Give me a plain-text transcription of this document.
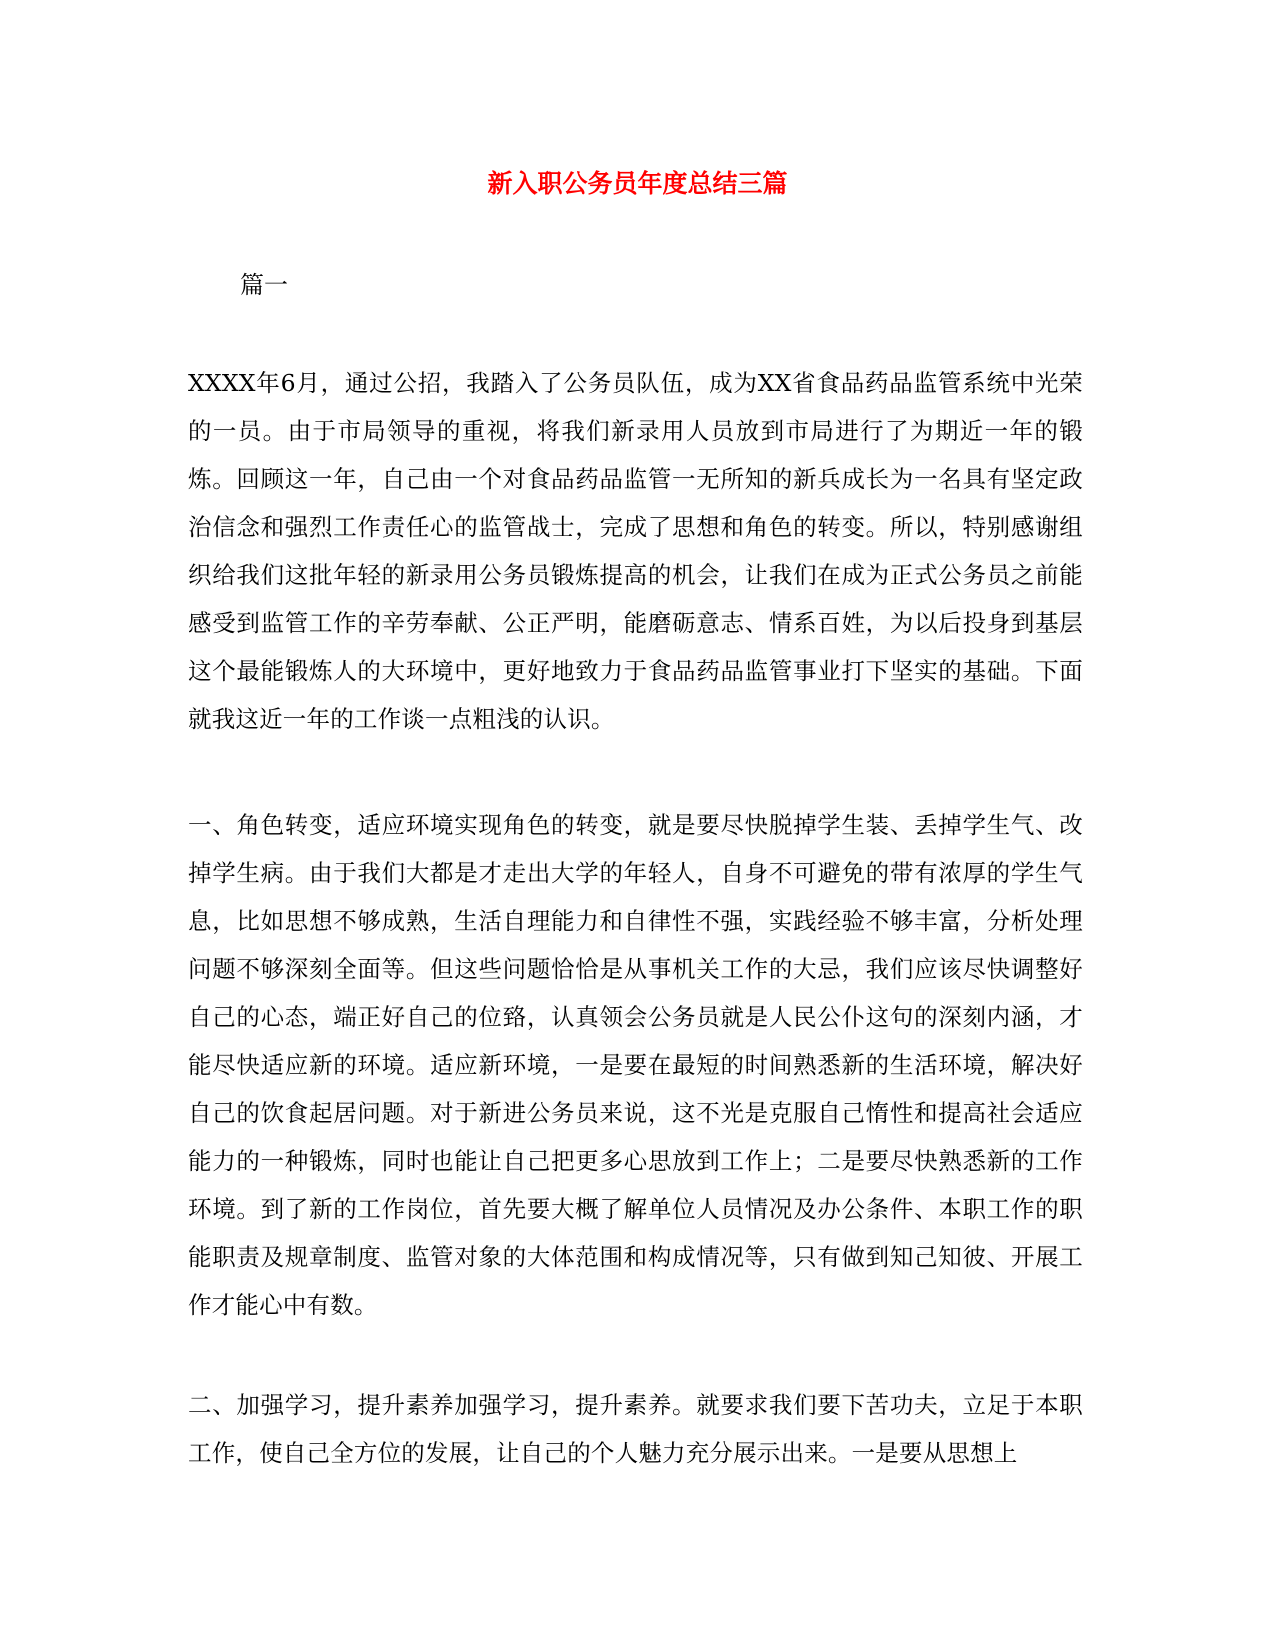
新入职公务员年度总结三篇
篇一

XXXX年6月，通过公招，我踏入了公务员队伍，成为XX省食品药品监管系统中光荣的一员。由于市局领导的重视，将我们新录用人员放到市局进行了为期近一年的锻炼。回顾这一年，自己由一个对食品药品监管一无所知的新兵成长为一名具有坚定政治信念和强烈工作责任心的监管战士，完成了思想和角色的转变。所以，特别感谢组织给我们这批年轻的新录用公务员锻炼提高的机会，让我们在成为正式公务员之前能感受到监管工作的辛劳奉献、公正严明，能磨砺意志、情系百姓，为以后投身到基层这个最能锻炼人的大环境中，更好地致力于食品药品监管事业打下坚实的基础。下面就我这近一年的工作谈一点粗浅的认识。

一、角色转变，适应环境实现角色的转变，就是要尽快脱掉学生装、丢掉学生气、改掉学生病。由于我们大都是才走出大学的年轻人，自身不可避免的带有浓厚的学生气息，比如思想不够成熟，生活自理能力和自律性不强，实践经验不够丰富，分析处理问题不够深刻全面等。但这些问题恰恰是从事机关工作的大忌，我们应该尽快调整好自己的心态，端正好自己的位臵，认真领会公务员就是人民公仆这句的深刻内涵，才能尽快适应新的环境。适应新环境，一是要在最短的时间熟悉新的生活环境，解决好自己的饮食起居问题。对于新进公务员来说，这不光是克服自己惰性和提高社会适应能力的一种锻炼，同时也能让自己把更多心思放到工作上；二是要尽快熟悉新的工作环境。到了新的工作岗位，首先要大概了解单位人员情况及办公条件、本职工作的职能职责及规章制度、监管对象的大体范围和构成情况等，只有做到知己知彼、开展工作才能心中有数。

二、加强学习，提升素养加强学习，提升素养。就要求我们要下苦功夫，立足于本职工作，使自己全方位的发展，让自己的个人魅力充分展示出来。一是要从思想上
